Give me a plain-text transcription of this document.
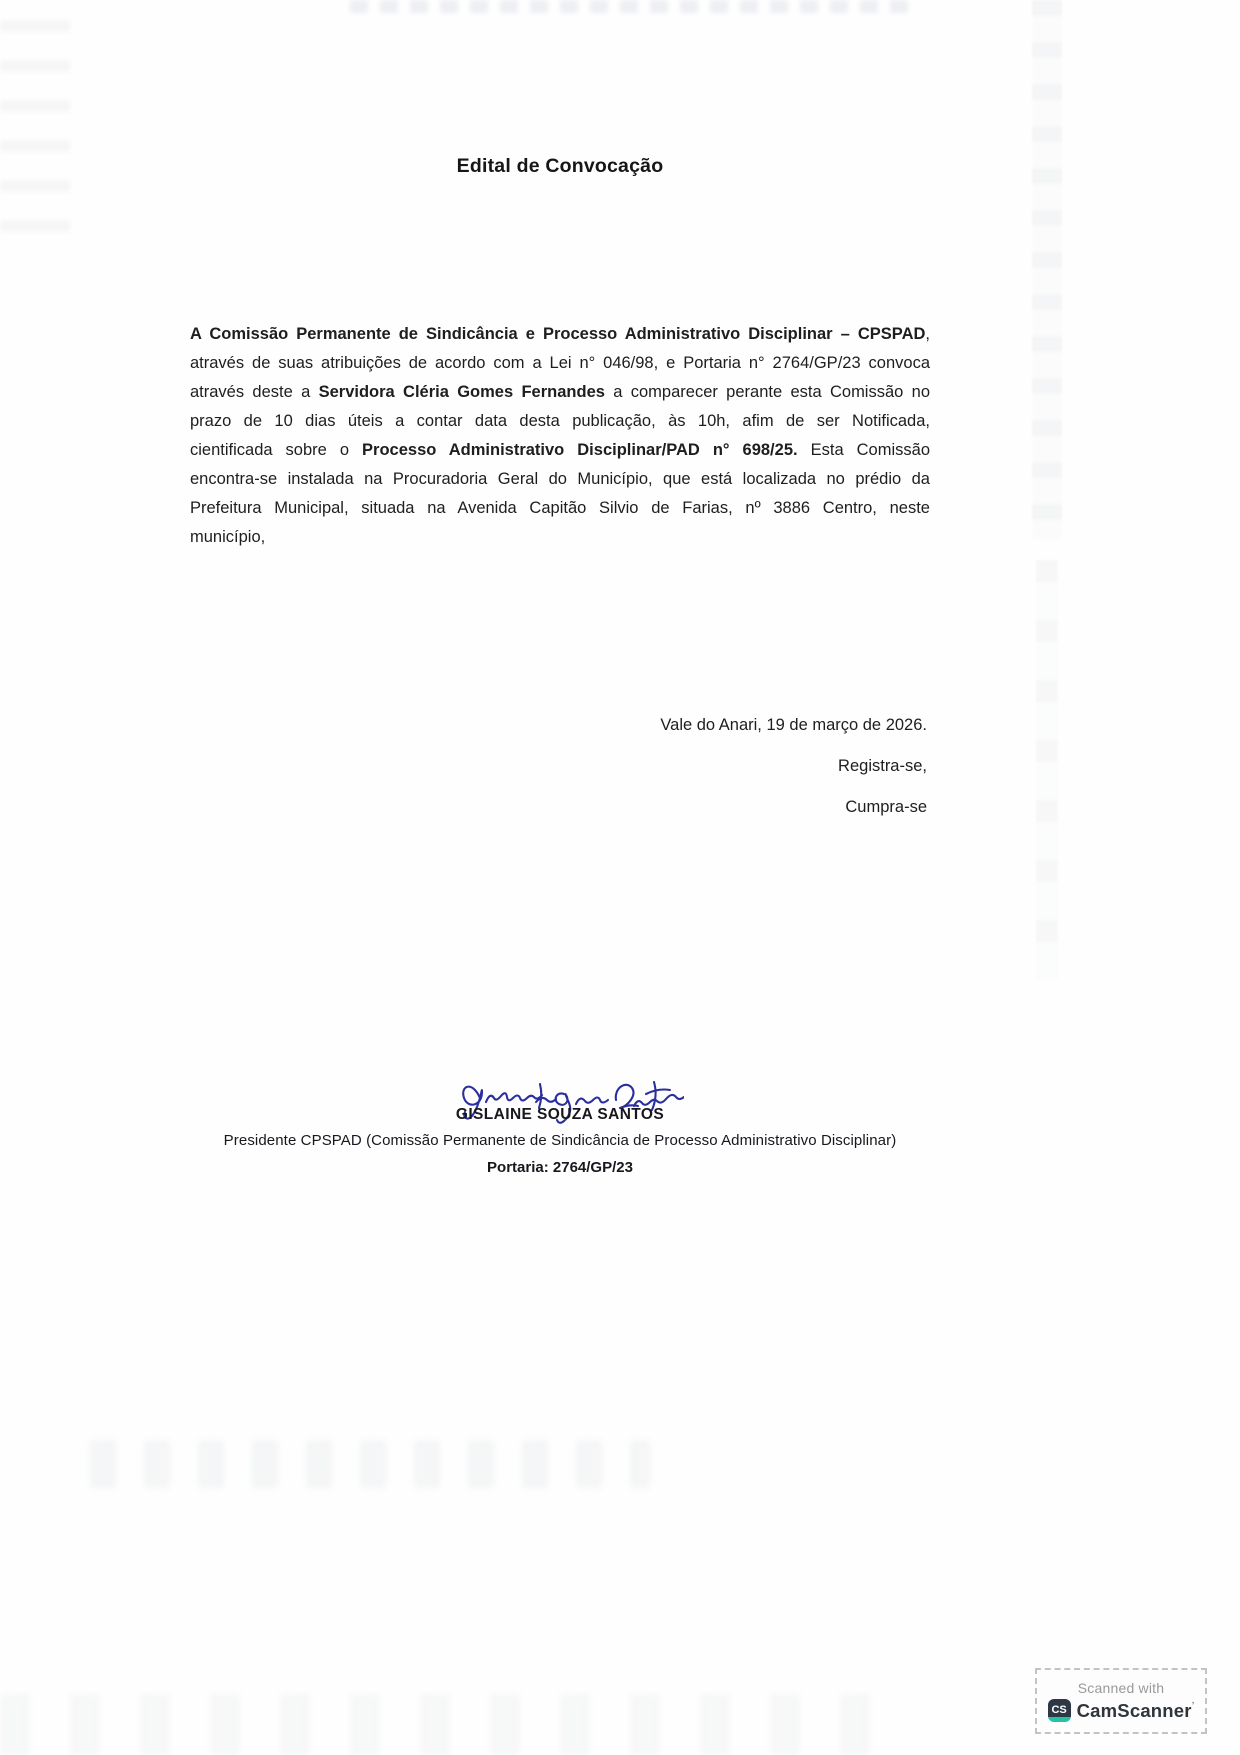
Edital de Convocação

A Comissão Permanente de Sindicância e Processo Administrativo Disciplinar – CPSPAD, através de suas atribuições de acordo com a Lei n° 046/98, e Portaria n° 2764/GP/23 convoca através deste a Servidora Cléria Gomes Fernandes a comparecer perante esta Comissão no prazo de 10 dias úteis a contar data desta publicação, às 10h, afim de ser Notificada, cientificada sobre o Processo Administrativo Disciplinar/PAD n° 698/25. Esta Comissão encontra-se instalada na Procuradoria Geral do Município, que está localizada no prédio da Prefeitura Municipal, situada na Avenida Capitão Silvio de Farias, nº 3886 Centro, neste município,

Vale do Anari, 19 de março de 2026.
Registra-se,
Cumpra-se
GISLAINE SOUZA SANTOS
Presidente CPSPAD (Comissão Permanente de Sindicância de Processo Administrativo Disciplinar)
Portaria: 2764/GP/23
Scanned with
CS CamScanner$^ʼ$
